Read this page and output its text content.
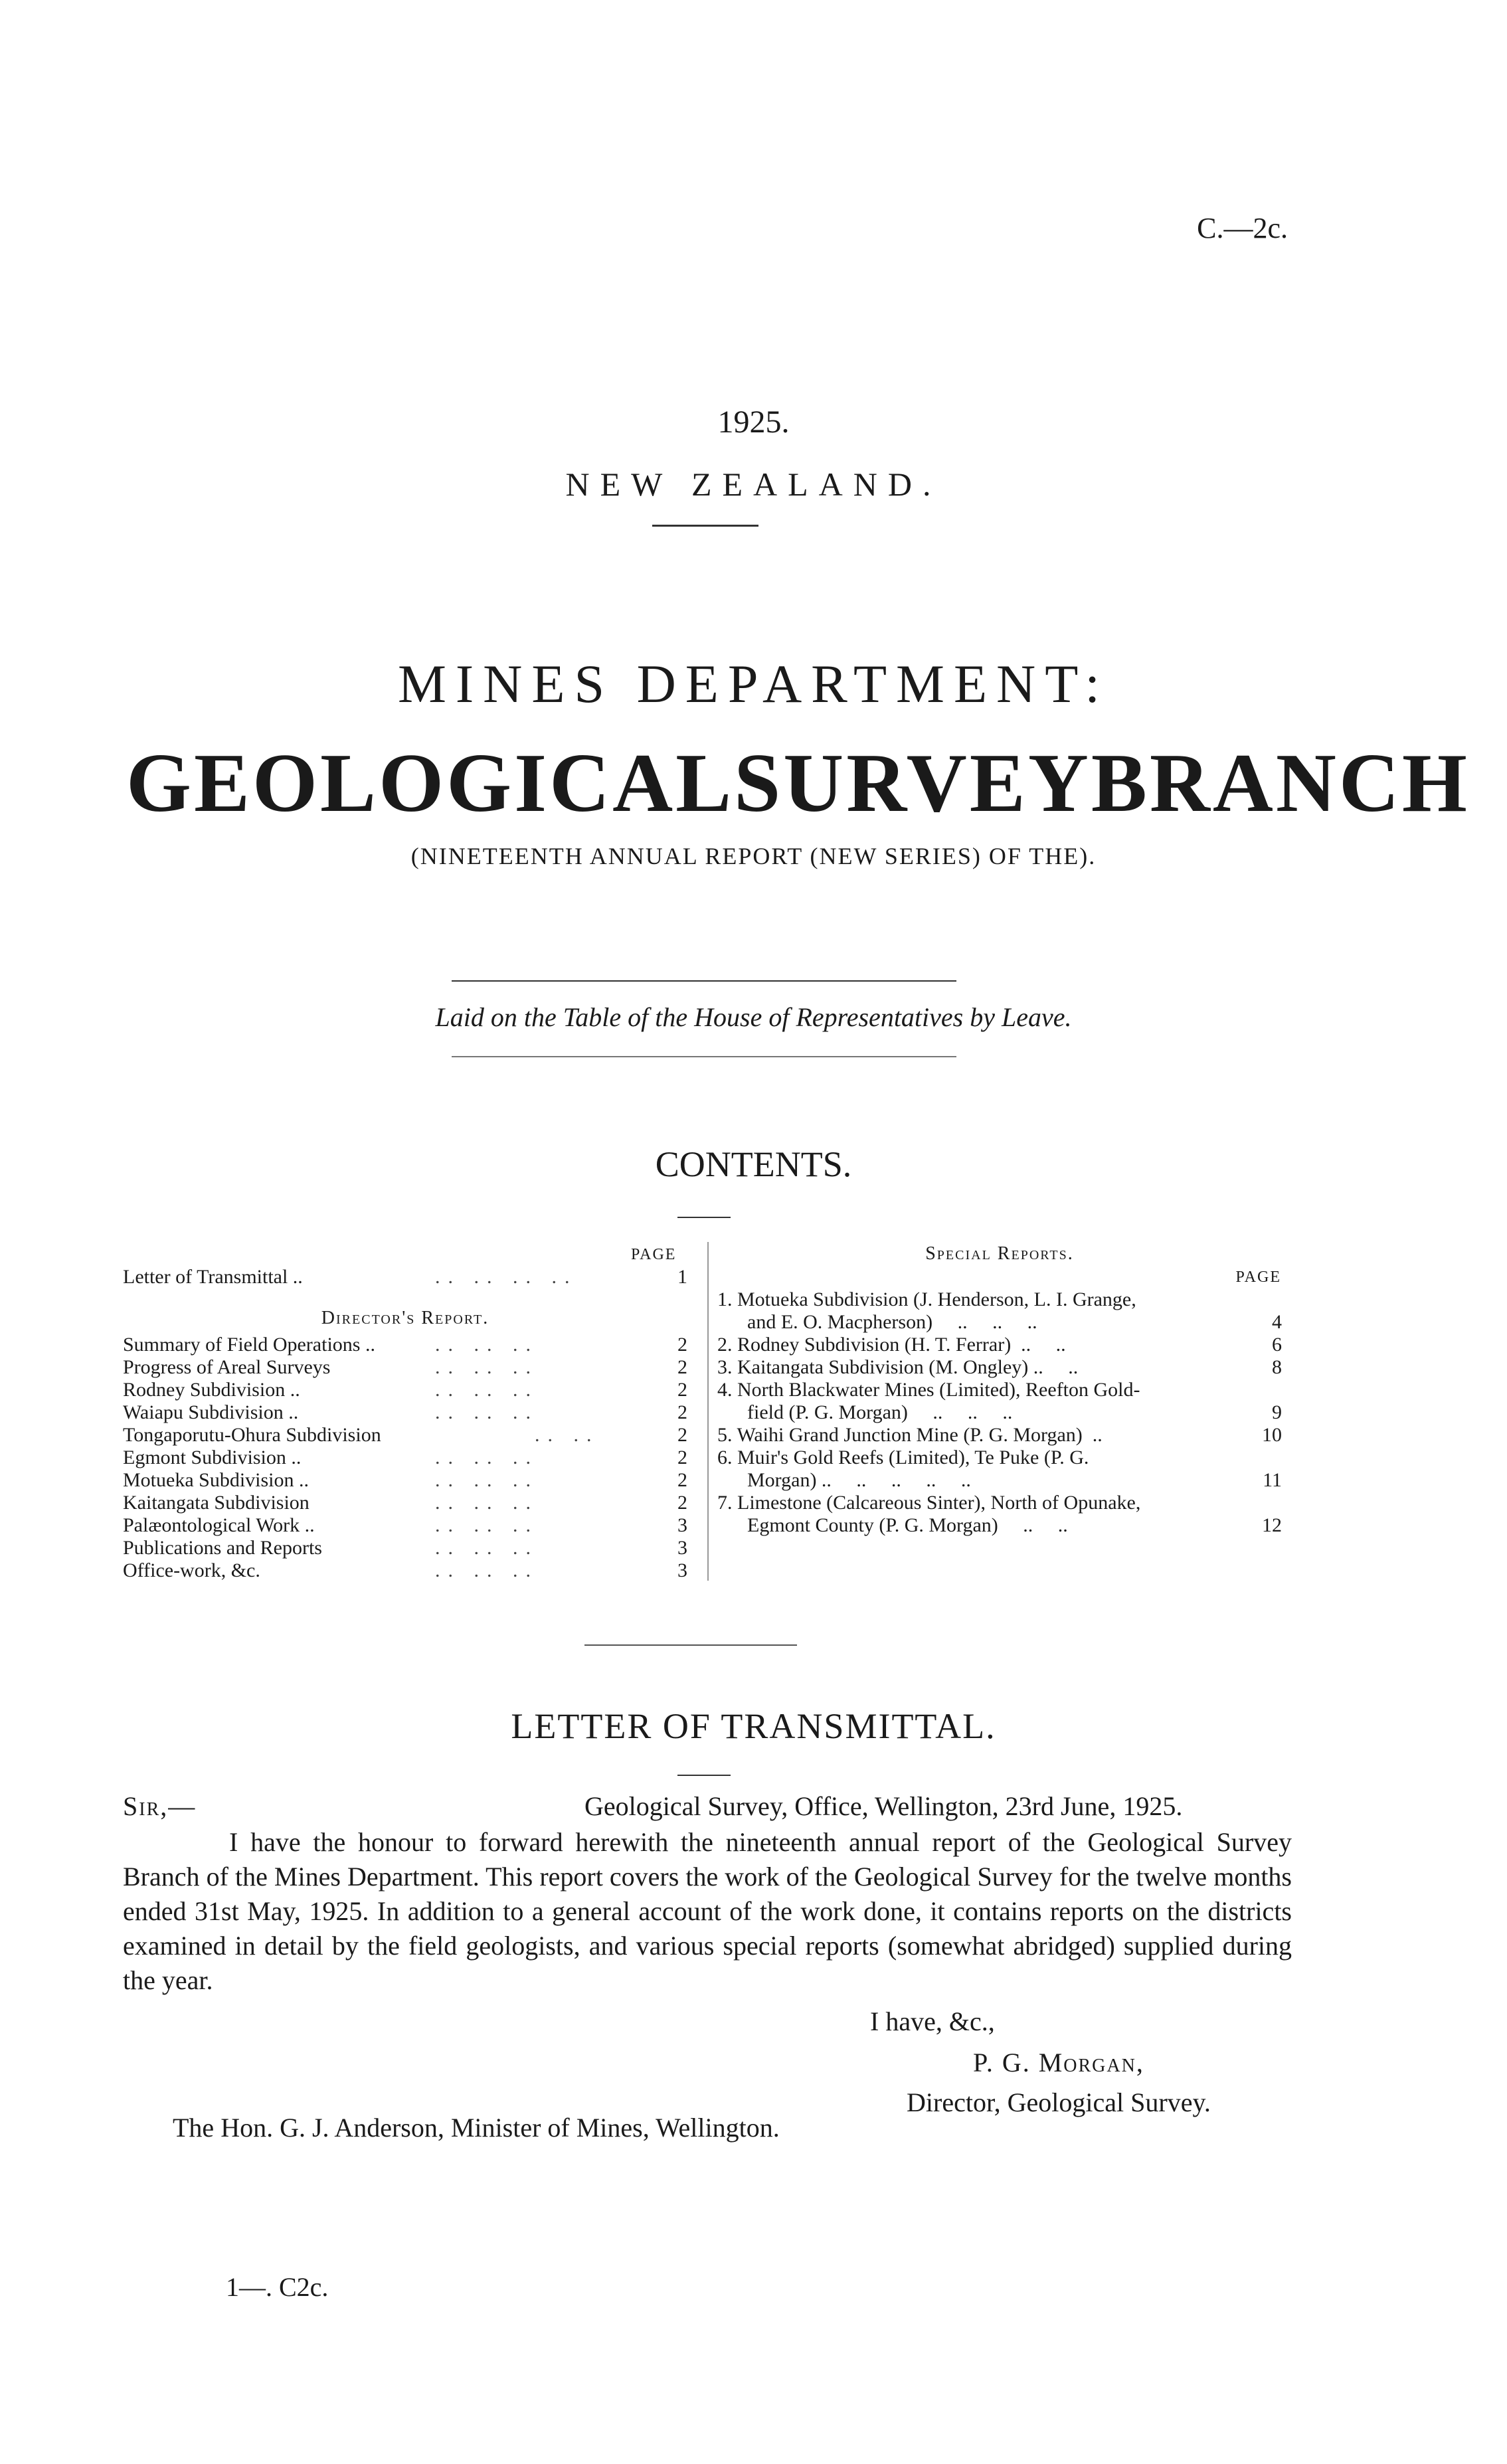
C.—2c.
1925.
NEW ZEALAND.
MINES DEPARTMENT:
GEOLOGICAL SURVEY BRANCH
(NINETEENTH ANNUAL REPORT (NEW SERIES) OF THE).
Laid on the Table of the House of Representatives by Leave.
CONTENTS.
PAGE
Letter of Transmittal ..	.. .. .. ..	1
Director's Report.
Summary of Field Operations ..	.. .. ..	2
Progress of Areal Surveys	.. .. ..	2
Rodney Subdivision ..	.. .. ..	2
Waiapu Subdivision ..	.. .. ..	2
Tongaporutu-Ohura Subdivision	.. ..	2
Egmont Subdivision ..	.. .. ..	2
Motueka Subdivision ..	.. .. ..	2
Kaitangata Subdivision	.. .. ..	2
Palæontological Work ..	.. .. ..	3
Publications and Reports	.. .. ..	3
Office-work, &c.	.. .. ..	3
Special Reports.
PAGE
1. Motueka Subdivision (J. Henderson, L. I. Grange,
and E. O. Macpherson)     ..     ..     ..	4
2. Rodney Subdivision (H. T. Ferrar)  ..     ..	6
3. Kaitangata Subdivision (M. Ongley) ..     ..	8
4. North Blackwater Mines (Limited), Reefton Gold-
field (P. G. Morgan)     ..     ..     ..	9
5. Waihi Grand Junction Mine (P. G. Morgan)  ..	10
6. Muir's Gold Reefs (Limited), Te Puke (P. G.
Morgan) ..     ..     ..     ..     ..	11
7. Limestone (Calcareous Sinter), North of Opunake,
Egmont County (P. G. Morgan)     ..     ..	12
LETTER OF TRANSMITTAL.
Sir,—	Geological Survey, Office, Wellington, 23rd June, 1925.
I have the honour to forward herewith the nineteenth annual report of the Geological Survey Branch of the Mines Department. This report covers the work of the Geological Survey for the twelve months ended 31st May, 1925. In addition to a general account of the work done, it contains reports on the districts examined in detail by the field geologists, and various special reports (somewhat abridged) supplied during the year.
I have, &c.,
P. G. Morgan,
Director, Geological Survey.
The Hon. G. J. Anderson, Minister of Mines, Wellington.
1—. C2c.
